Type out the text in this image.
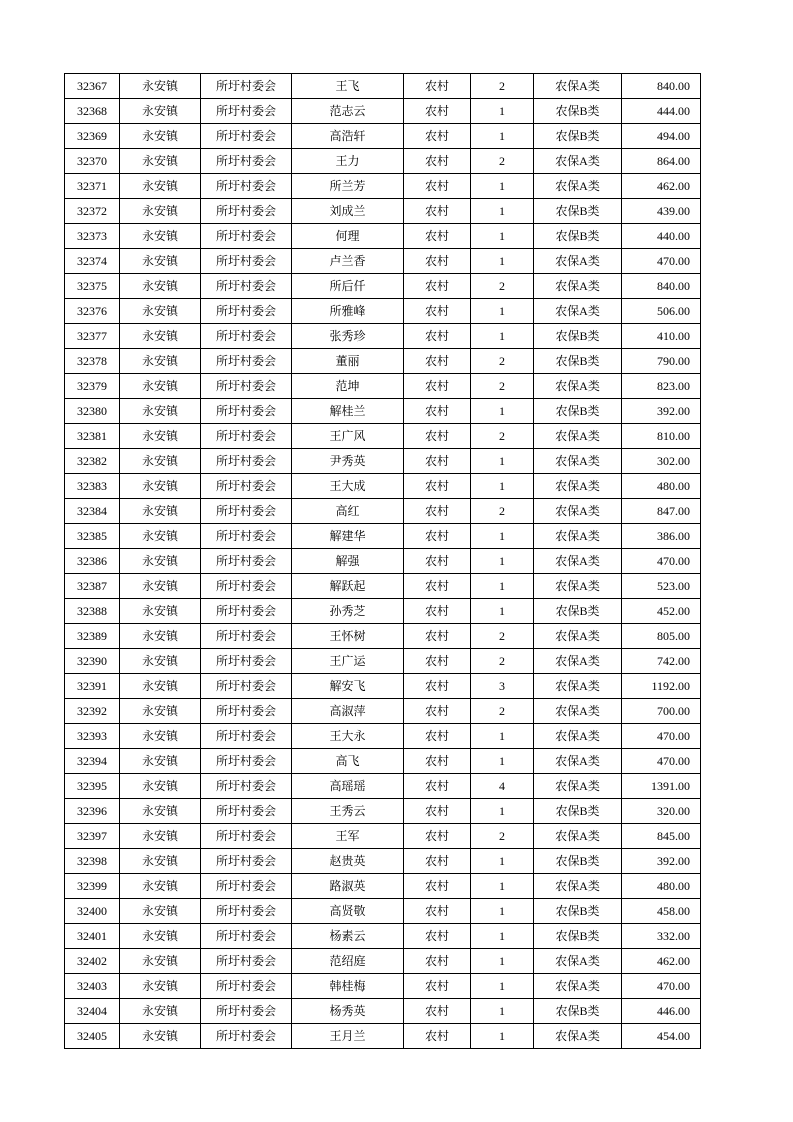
32367	永安镇	所圩村委会	王飞	农村	2	农保A类	840.00
32368	永安镇	所圩村委会	范志云	农村	1	农保B类	444.00
32369	永安镇	所圩村委会	高浩轩	农村	1	农保B类	494.00
32370	永安镇	所圩村委会	王力	农村	2	农保A类	864.00
32371	永安镇	所圩村委会	所兰芳	农村	1	农保A类	462.00
32372	永安镇	所圩村委会	刘成兰	农村	1	农保B类	439.00
32373	永安镇	所圩村委会	何理	农村	1	农保B类	440.00
32374	永安镇	所圩村委会	卢兰香	农村	1	农保A类	470.00
32375	永安镇	所圩村委会	所后仟	农村	2	农保A类	840.00
32376	永安镇	所圩村委会	所雅峰	农村	1	农保A类	506.00
32377	永安镇	所圩村委会	张秀珍	农村	1	农保B类	410.00
32378	永安镇	所圩村委会	董丽	农村	2	农保B类	790.00
32379	永安镇	所圩村委会	范坤	农村	2	农保A类	823.00
32380	永安镇	所圩村委会	解桂兰	农村	1	农保B类	392.00
32381	永安镇	所圩村委会	王广风	农村	2	农保A类	810.00
32382	永安镇	所圩村委会	尹秀英	农村	1	农保A类	302.00
32383	永安镇	所圩村委会	王大成	农村	1	农保A类	480.00
32384	永安镇	所圩村委会	高红	农村	2	农保A类	847.00
32385	永安镇	所圩村委会	解建华	农村	1	农保A类	386.00
32386	永安镇	所圩村委会	解强	农村	1	农保A类	470.00
32387	永安镇	所圩村委会	解跃起	农村	1	农保A类	523.00
32388	永安镇	所圩村委会	孙秀芝	农村	1	农保B类	452.00
32389	永安镇	所圩村委会	王怀树	农村	2	农保A类	805.00
32390	永安镇	所圩村委会	王广运	农村	2	农保A类	742.00
32391	永安镇	所圩村委会	解安飞	农村	3	农保A类	1192.00
32392	永安镇	所圩村委会	高淑萍	农村	2	农保A类	700.00
32393	永安镇	所圩村委会	王大永	农村	1	农保A类	470.00
32394	永安镇	所圩村委会	高飞	农村	1	农保A类	470.00
32395	永安镇	所圩村委会	高瑶瑶	农村	4	农保A类	1391.00
32396	永安镇	所圩村委会	王秀云	农村	1	农保B类	320.00
32397	永安镇	所圩村委会	王军	农村	2	农保A类	845.00
32398	永安镇	所圩村委会	赵贵英	农村	1	农保B类	392.00
32399	永安镇	所圩村委会	路淑英	农村	1	农保A类	480.00
32400	永安镇	所圩村委会	高贤敬	农村	1	农保B类	458.00
32401	永安镇	所圩村委会	杨素云	农村	1	农保B类	332.00
32402	永安镇	所圩村委会	范绍庭	农村	1	农保A类	462.00
32403	永安镇	所圩村委会	韩桂梅	农村	1	农保A类	470.00
32404	永安镇	所圩村委会	杨秀英	农村	1	农保B类	446.00
32405	永安镇	所圩村委会	王月兰	农村	1	农保A类	454.00
